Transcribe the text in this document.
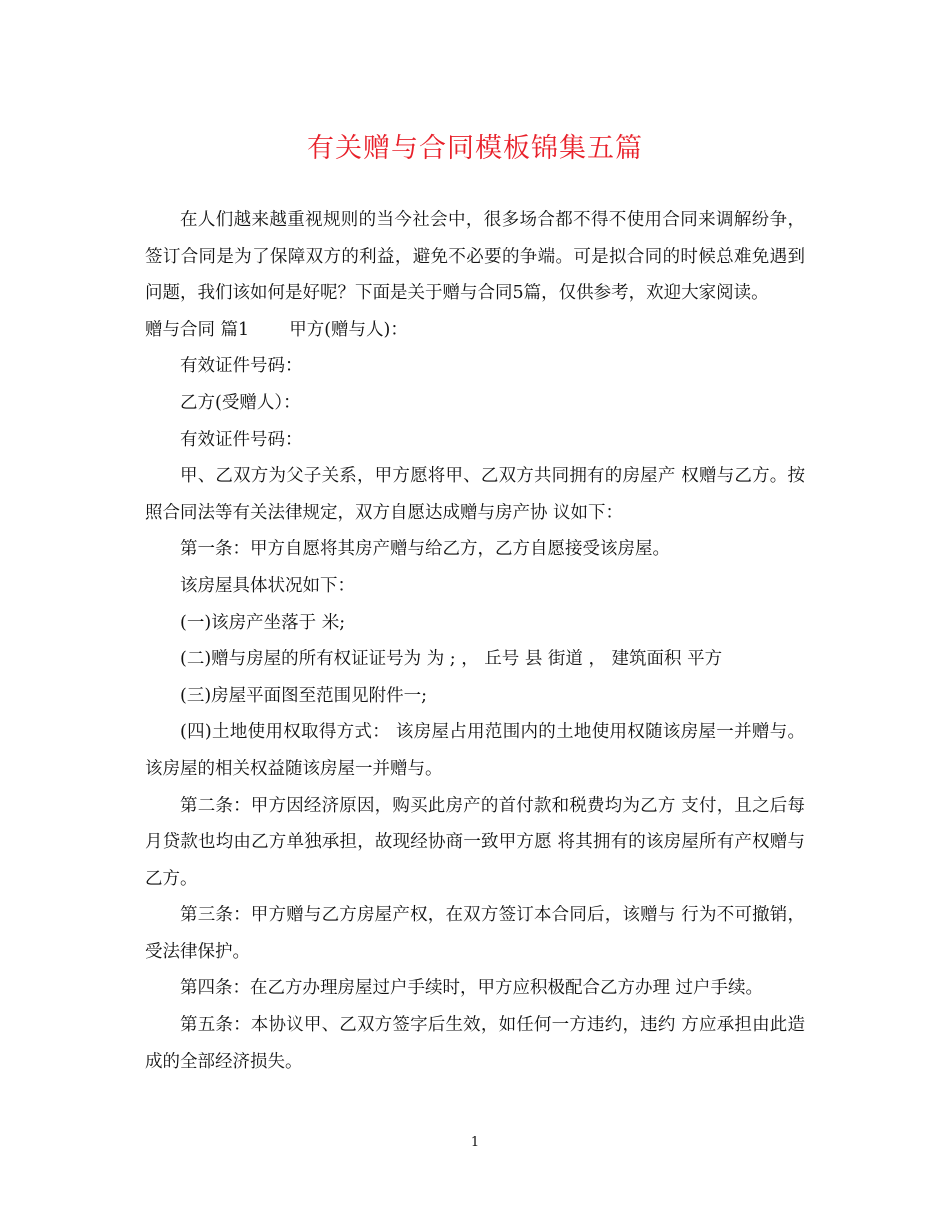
有关赠与合同模板锦集五篇

在人们越来越重视规则的当今社会中，很多场合都不得不使用合同来调解纷争，签订合同是为了保障双方的利益，避免不必要的争端。可是拟合同的时候总难免遇到问题，我们该如何是好呢？下面是关于赠与合同5篇，仅供参考，欢迎大家阅读。

赠与合同 篇1 甲方(赠与人)：

有效证件号码：

乙方(受赠人）：

有效证件号码：

甲、乙双方为父子关系，甲方愿将甲、乙双方共同拥有的房屋产 权赠与乙方。按照合同法等有关法律规定，双方自愿达成赠与房产协 议如下：

第一条：甲方自愿将其房产赠与给乙方，乙方自愿接受该房屋。

该房屋具体状况如下：

(一)该房产坐落于 米;

(二)赠与房屋的所有权证证号为 为 ; ， 丘号 县 街道 ， 建筑面积 平方

(三)房屋平面图至范围见附件一;

(四)土地使用权取得方式： 该房屋占用范围内的土地使用权随该房屋一并赠与。 该房屋的相关权益随该房屋一并赠与。

第二条：甲方因经济原因，购买此房产的首付款和税费均为乙方 支付，且之后每月贷款也均由乙方单独承担，故现经协商一致甲方愿 将其拥有的该房屋所有产权赠与乙方。

第三条：甲方赠与乙方房屋产权，在双方签订本合同后，该赠与 行为不可撤销，受法律保护。

第四条：在乙方办理房屋过户手续时，甲方应积极配合乙方办理 过户手续。

第五条：本协议甲、乙双方签字后生效，如任何一方违约，违约 方应承担由此造成的全部经济损失。

1
